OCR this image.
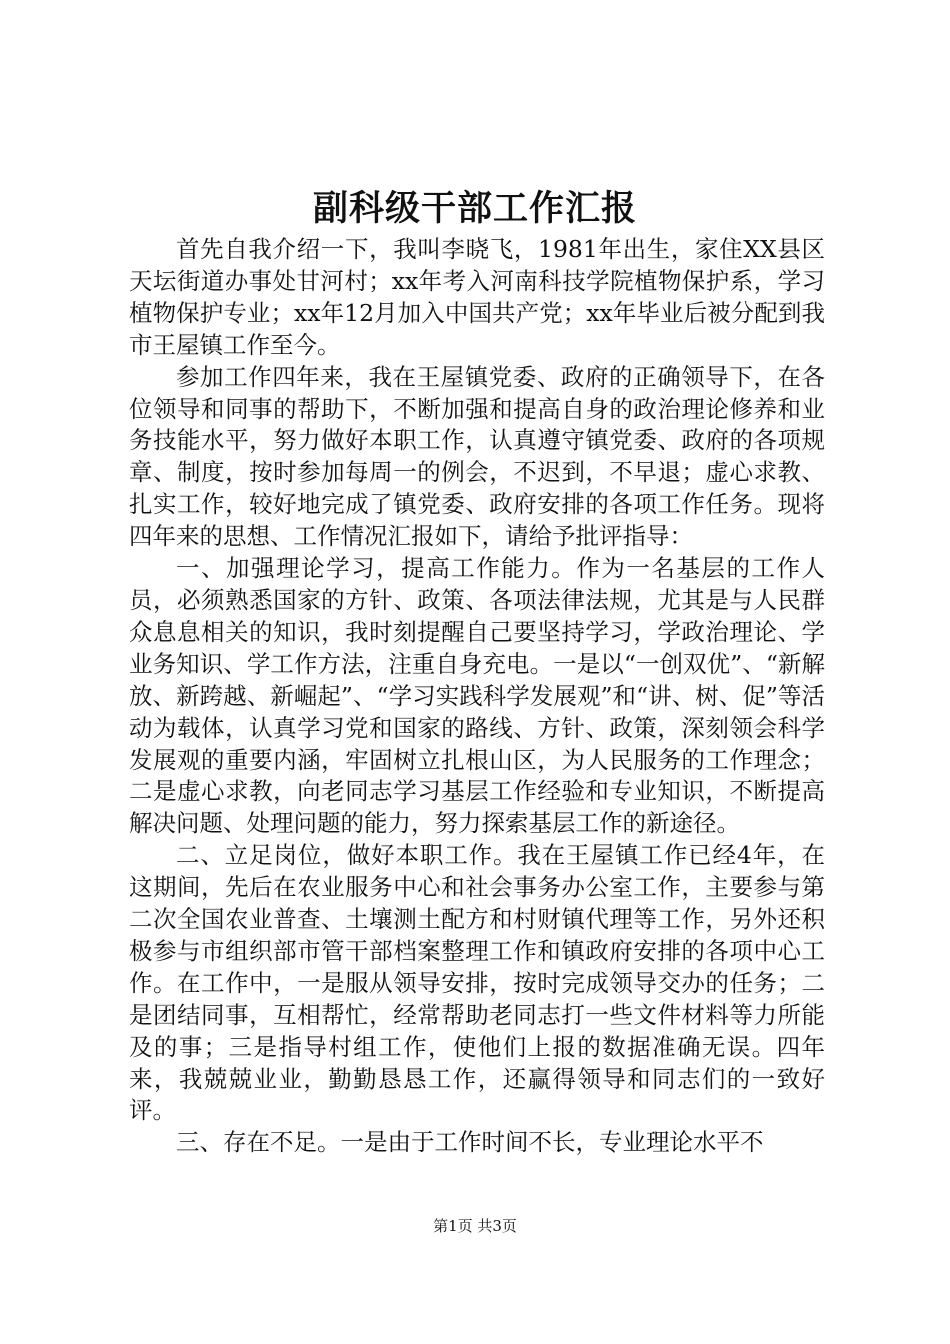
副科级干部工作汇报

首先自我介绍一下，我叫李晓飞，1981年出生，家住XX县区天坛街道办事处甘河村；xx年考入河南科技学院植物保护系，学习植物保护专业；xx年12月加入中国共产党；xx年毕业后被分配到我市王屋镇工作至今。

参加工作四年来，我在王屋镇党委、政府的正确领导下，在各位领导和同事的帮助下，不断加强和提高自身的政治理论修养和业务技能水平，努力做好本职工作，认真遵守镇党委、政府的各项规章、制度，按时参加每周一的例会，不迟到，不早退；虚心求教、扎实工作，较好地完成了镇党委、政府安排的各项工作任务。现将四年来的思想、工作情况汇报如下，请给予批评指导：

一、加强理论学习，提高工作能力。作为一名基层的工作人员，必须熟悉国家的方针、政策、各项法律法规，尤其是与人民群众息息相关的知识，我时刻提醒自己要坚持学习，学政治理论、学业务知识、学工作方法，注重自身充电。一是以“一创双优”、“新解放、新跨越、新崛起”、“学习实践科学发展观”和“讲、树、促”等活动为载体，认真学习党和国家的路线、方针、政策，深刻领会科学发展观的重要内涵，牢固树立扎根山区，为人民服务的工作理念；二是虚心求教，向老同志学习基层工作经验和专业知识，不断提高解决问题、处理问题的能力，努力探索基层工作的新途径。

二、立足岗位，做好本职工作。我在王屋镇工作已经4年，在这期间，先后在农业服务中心和社会事务办公室工作，主要参与第二次全国农业普查、土壤测土配方和村财镇代理等工作，另外还积极参与市组织部市管干部档案整理工作和镇政府安排的各项中心工作。在工作中，一是服从领导安排，按时完成领导交办的任务；二是团结同事，互相帮忙，经常帮助老同志打一些文件材料等力所能及的事；三是指导村组工作，使他们上报的数据准确无误。四年来，我兢兢业业，勤勤恳恳工作，还赢得领导和同志们的一致好评。

三、存在不足。一是由于工作时间不长，专业理论水平不

第1页 共3页
